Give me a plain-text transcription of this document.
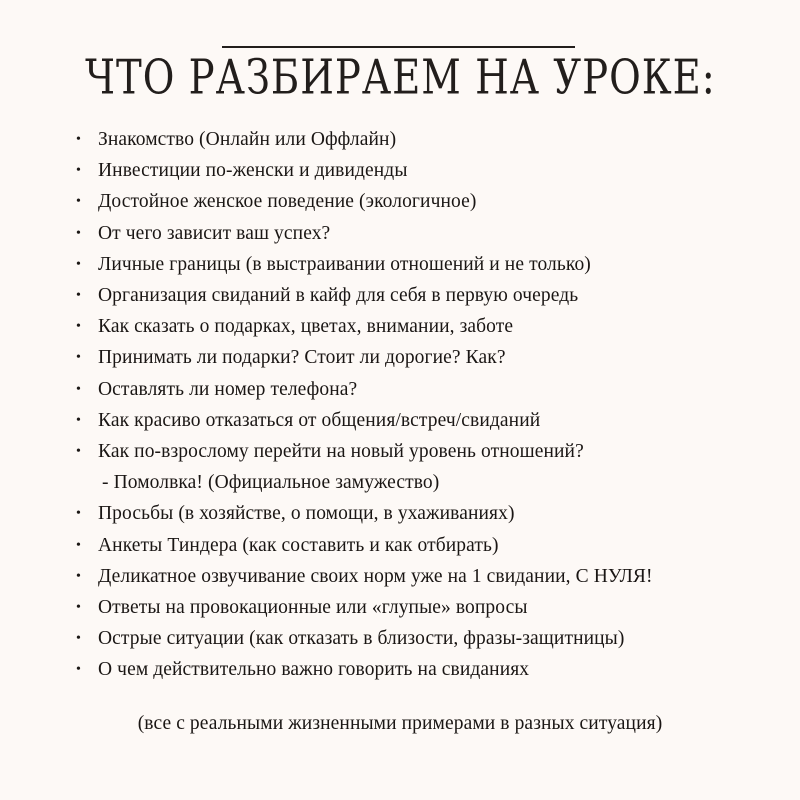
ЧТО РАЗБИРАЕМ НА УРОКЕ:
• Знакомство (Онлайн или Оффлайн)
• Инвестиции по-женски и дивиденды
• Достойное женское поведение (экологичное)
• От чего зависит ваш успех?
• Личные границы (в выстраивании отношений и не только)
• Организация свиданий в кайф для себя в первую очередь
• Как сказать о подарках, цветах, внимании, заботе
• Принимать ли подарки? Стоит ли дорогие? Как?
• Оставлять ли номер телефона?
• Как красиво отказаться от общения/встреч/свиданий
• Как по-взрослому перейти на новый уровень отношений?
- Помолвка! (Официальное замужество)
• Просьбы (в хозяйстве, о помощи, в ухаживаниях)
• Анкеты Тиндера (как составить и как отбирать)
• Деликатное озвучивание своих норм уже на 1 свидании, С НУЛЯ!
• Ответы на провокационные или «глупые» вопросы
• Острые ситуации (как отказать в близости, фразы-защитницы)
• О чем действительно важно говорить на свиданиях
(все с реальными жизненными примерами в разных ситуация)
